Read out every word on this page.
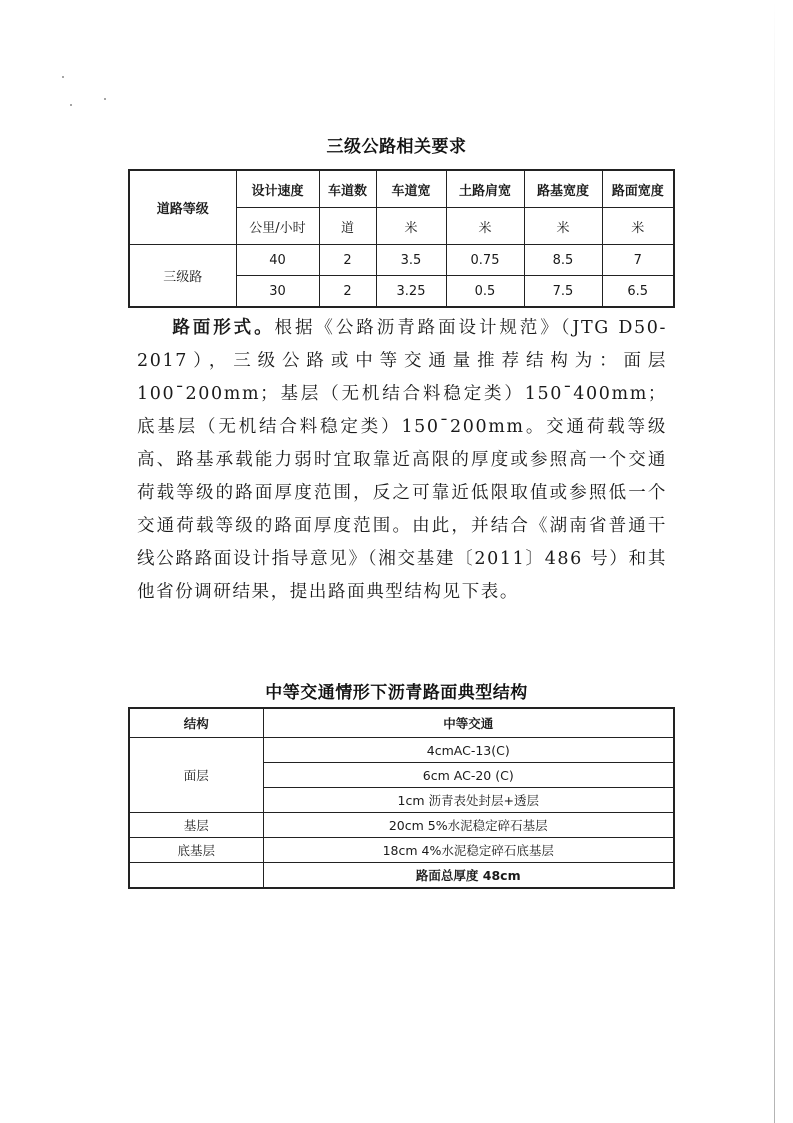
三级公路相关要求
道路等级	设计速度	车道数	车道宽	土路肩宽	路基宽度	路面宽度
	公里/小时	道	米	米	米	米
三级路	40	2	3.5	0.75	8.5	7
	30	2	3.25	0.5	7.5	6.5

路面形式。根据《公路沥青路面设计规范》（JTG D50-2017），三级公路或中等交通量推荐结构为：面层 100¯200mm；基层（无机结合料稳定类）150¯400mm；底基层（无机结合料稳定类）150¯200mm。交通荷载等级高、路基承载能力弱时宜取靠近高限的厚度或参照高一个交通荷载等级的路面厚度范围，反之可靠近低限取值或参照低一个交通荷载等级的路面厚度范围。由此，并结合《湖南省普通干线公路路面设计指导意见》（湘交基建〔2011〕486 号）和其他省份调研结果，提出路面典型结构见下表。

中等交通情形下沥青路面典型结构
结构	中等交通
面层	4cmAC-13(C)
	6cm AC-20 (C)
	1cm 沥青表处封层+透层
基层	20cm 5%水泥稳定碎石基层
底基层	18cm 4%水泥稳定碎石底基层
	路面总厚度 48cm
